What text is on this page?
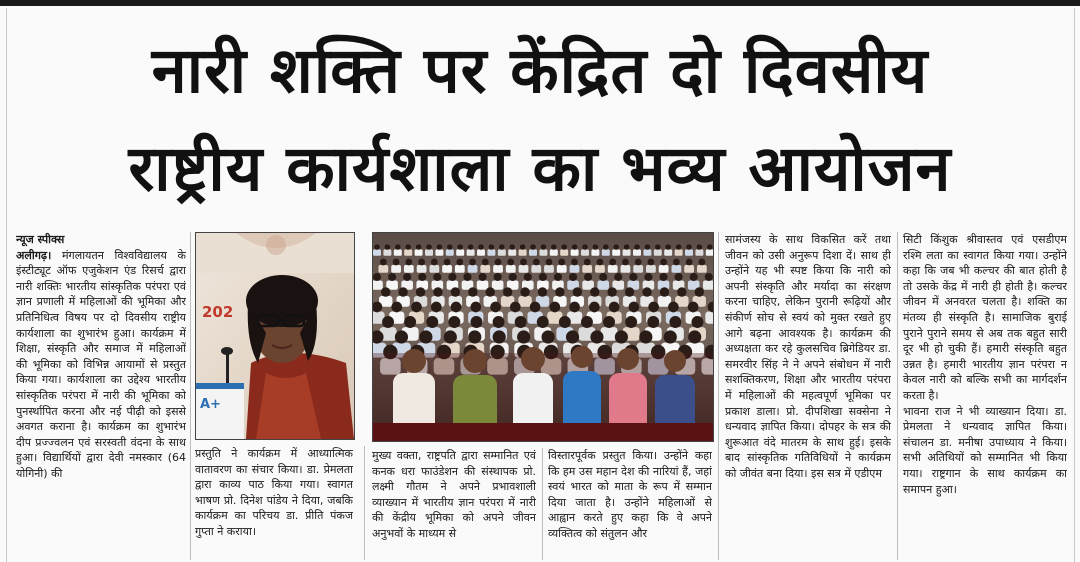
नारी शक्ति पर केंद्रित दो दिवसीय
राष्ट्रीय कार्यशाला का भव्य आयोजन

न्यूज स्पीक्स

अलीगढ़। मंगलायतन विश्वविद्यालय के इंस्टीट्यूट ऑफ एजुकेशन एंड रिसर्च द्वारा नारी शक्तिः भारतीय सांस्कृतिक परंपरा एवं ज्ञान प्रणाली में महिलाओं की भूमिका और प्रतिनिधित्व विषय पर दो दिवसीय राष्ट्रीय कार्यशाला का शुभारंभ हुआ। कार्यक्रम में शिक्षा, संस्कृति और समाज में महिलाओं की भूमिका को विभिन्न आयामों से प्रस्तुत किया गया। कार्यशाला का उद्देश्य भारतीय सांस्कृतिक परंपरा में नारी की भूमिका को पुनर्स्थापित करना और नई पीढ़ी को इससे अवगत कराना है। कार्यक्रम का शुभारंभ दीप प्रज्ज्वलन एवं सरस्वती वंदना के साथ हुआ। विद्यार्थियों द्वारा देवी नमस्कार (64 योगिनी) की

202
A+

प्रस्तुति ने कार्यक्रम में आध्यात्मिक वातावरण का संचार किया। डा. प्रेमलता द्वारा काव्य पाठ किया गया। स्वागत भाषण प्रो. दिनेश पांडेय ने दिया, जबकि कार्यक्रम का परिचय डा. प्रीति पंकज गुप्ता ने कराया।

मुख्य वक्ता, राष्ट्रपति द्वारा सम्मानित एवं कनक धरा फाउंडेशन की संस्थापक प्रो. लक्ष्मी गौतम ने अपने प्रभावशाली व्याख्यान में भारतीय ज्ञान परंपरा में नारी की केंद्रीय भूमिका को अपने जीवन अनुभवों के माध्यम से

विस्तारपूर्वक प्रस्तुत किया। उन्होंने कहा कि हम उस महान देश की नारियां हैं, जहां स्वयं भारत को माता के रूप में सम्मान दिया जाता है। उन्होंने महिलाओं से आह्वान करते हुए कहा कि वे अपने व्यक्तित्व को संतुलन और

सामंजस्य के साथ विकसित करें तथा जीवन को उसी अनुरूप दिशा दें। साथ ही उन्होंने यह भी स्पष्ट किया कि नारी को अपनी संस्कृति और मर्यादा का संरक्षण करना चाहिए, लेकिन पुरानी रूढ़ियों और संकीर्ण सोच से स्वयं को मुक्त रखते हुए आगे बढ़ना आवश्यक है। कार्यक्रम की अध्यक्षता कर रहे कुलसचिव ब्रिगेडियर डा. समरवीर सिंह ने ने अपने संबोधन में नारी सशक्तिकरण, शिक्षा और भारतीय परंपरा में महिलाओं की महत्वपूर्ण भूमिका पर प्रकाश डाला। प्रो. दीपशिखा सक्सेना ने धन्यवाद ज्ञापित किया। दोपहर के सत्र की शुरूआत वंदे मातरम के साथ हुई। इसके बाद सांस्कृतिक गतिविधियों ने कार्यक्रम को जीवंत बना दिया। इस सत्र में एडीएम

सिटी किंशुक श्रीवास्तव एवं एसडीएम रश्मि लता का स्वागत किया गया। उन्होंने कहा कि जब भी कल्चर की बात होती है तो उसके केंद्र में नारी ही होती है। कल्चर जीवन में अनवरत चलता है। शक्ति का मंतव्य ही संस्कृति है। सामाजिक बुराई पुराने पुराने समय से अब तक बहुत सारी दूर भी हो चुकी हैं। हमारी संस्कृति बहुत उन्नत है। हमारी भारतीय ज्ञान परंपरा न केवल नारी को बल्कि सभी का मार्गदर्शन करता है।

भावना राज ने भी व्याख्यान दिया। डा. प्रेमलता ने धन्यवाद ज्ञापित किया। संचालन डा. मनीषा उपाध्याय ने किया। सभी अतिथियों को सम्मानित भी किया गया। राष्ट्रगान के साथ कार्यक्रम का समापन हुआ।
